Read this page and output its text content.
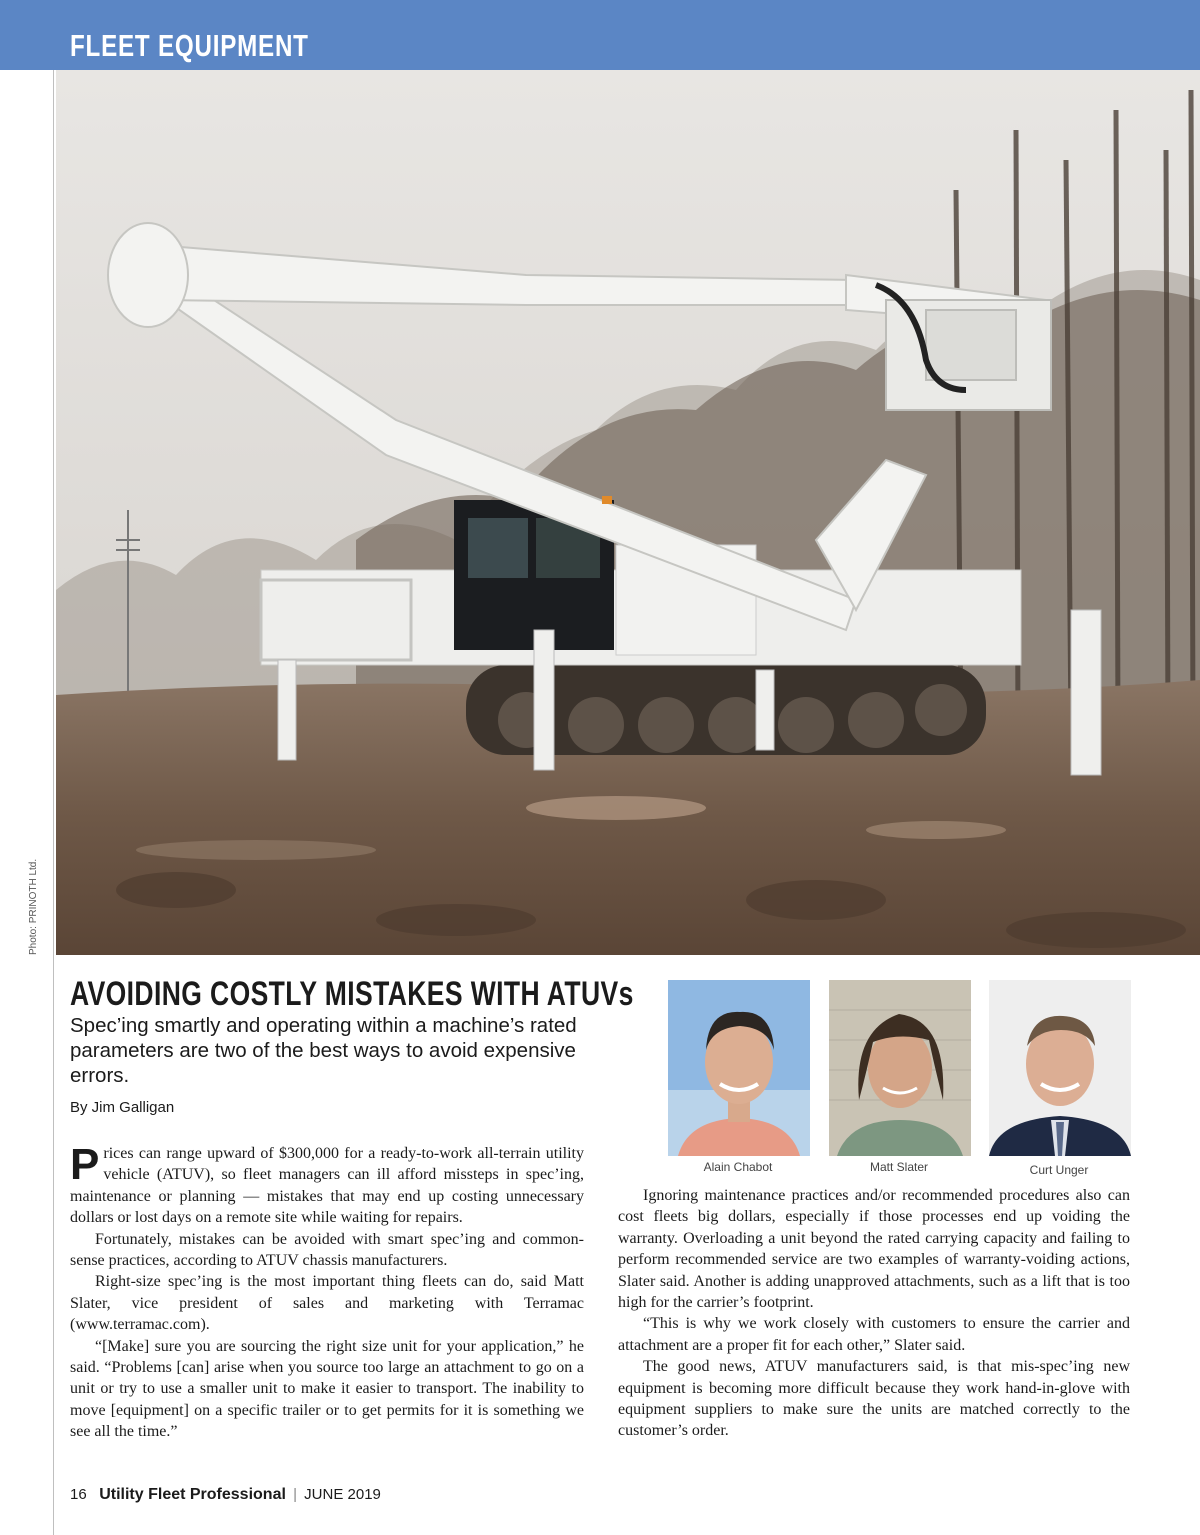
FLEET EQUIPMENT
Photo: PRINOTH Ltd.
AVOIDING COSTLY MISTAKES WITH ATUVs
Spec’ing smartly and operating within a machine’s rated parameters are two of the best ways to avoid expensive errors.
By Jim Galligan
Alain Chabot	Matt Slater	Curt Unger

Prices can range upward of $300,000 for a ready-to-work all-terrain utility vehicle (ATUV), so fleet managers can ill afford missteps in spec’ing, maintenance or planning — mistakes that may end up costing unnecessary dollars or lost days on a remote site while waiting for repairs.

Fortunately, mistakes can be avoided with smart spec’ing and common-sense practices, according to ATUV chassis manufacturers.

Right-size spec’ing is the most important thing fleets can do, said Matt Slater, vice president of sales and marketing with Terramac (www.terramac.com).

“[Make] sure you are sourcing the right size unit for your application,” he said. “Problems [can] arise when you source too large an attachment to go on a unit or try to use a smaller unit to make it easier to transport. The inability to move [equipment] on a specific trailer or to get permits for it is something we see all the time.”

Ignoring maintenance practices and/or recommended procedures also can cost fleets big dollars, especially if those processes end up voiding the warranty. Overloading a unit beyond the rated carrying capacity and failing to perform recommended service are two examples of warranty-voiding actions, Slater said. Another is adding unapproved attachments, such as a lift that is too high for the carrier’s footprint.

“This is why we work closely with customers to ensure the carrier and attachment are a proper fit for each other,” Slater said.

The good news, ATUV manufacturers said, is that mis-spec’ing new equipment is becoming more difficult because they work hand-in-glove with equipment suppliers to make sure the units are matched correctly to the customer’s order.

16 Utility Fleet Professional | JUNE 2019
